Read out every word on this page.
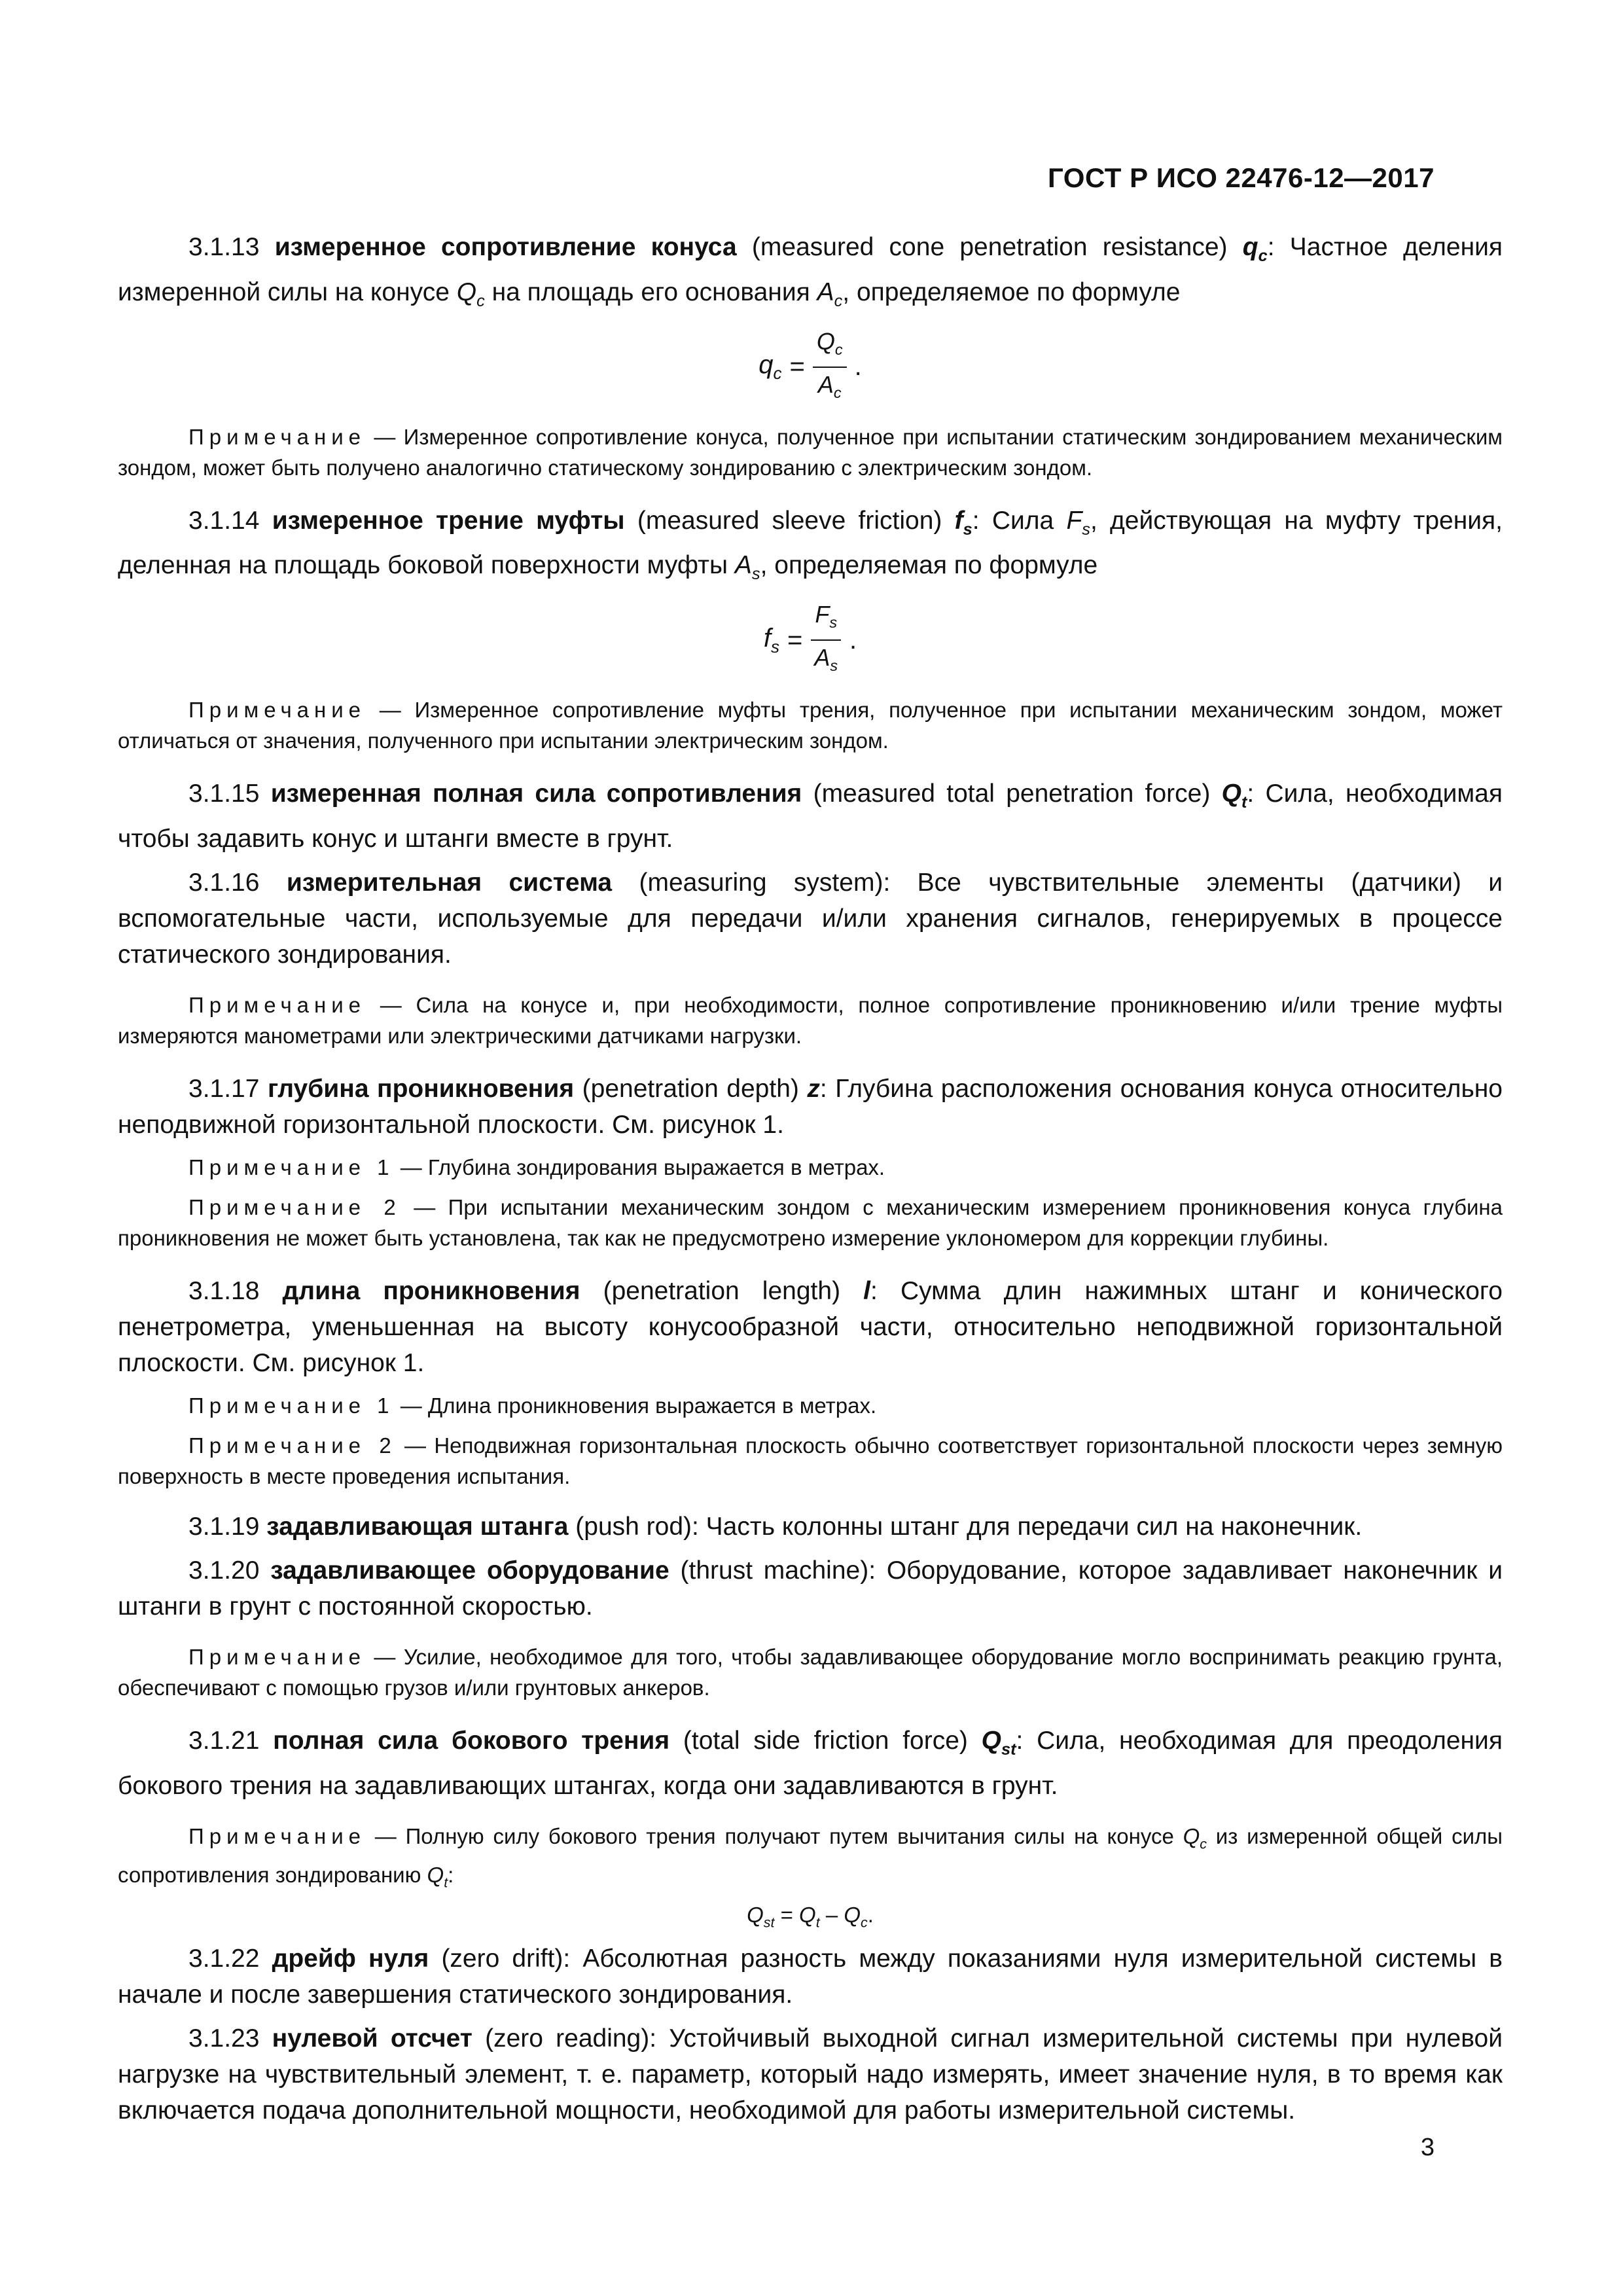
ГОСТ Р ИСО 22476-12—2017

3.1.13 измеренное сопротивление конуса (measured cone penetration resistance) $q_c$: Частное деления измеренной силы на конусе $Q_c$ на площадь его основания $A_c$, определяемое по формуле

$q_c = \frac{Q_c}{A_c}$ .

Примечание — Измеренное сопротивление конуса, полученное при испытании статическим зондированием механическим зондом, может быть получено аналогично статическому зондированию с электрическим зондом.

3.1.14 измеренное трение муфты (measured sleeve friction) $f_s$: Сила $F_s$, действующая на муфту трения, деленная на площадь боковой поверхности муфты $A_s$, определяемая по формуле

$f_s = \frac{F_s}{A_s}$ .

Примечание — Измеренное сопротивление муфты трения, полученное при испытании механическим зондом, может отличаться от значения, полученного при испытании электрическим зондом.

3.1.15 измеренная полная сила сопротивления (measured total penetration force) $Q_t$: Сила, необходимая чтобы задавить конус и штанги вместе в грунт.

3.1.16 измерительная система (measuring system): Все чувствительные элементы (датчики) и вспомогательные части, используемые для передачи и/или хранения сигналов, генерируемых в процессе статического зондирования.

Примечание — Сила на конусе и, при необходимости, полное сопротивление проникновению и/или трение муфты измеряются манометрами или электрическими датчиками нагрузки.

3.1.17 глубина проникновения (penetration depth) z: Глубина расположения основания конуса относительно неподвижной горизонтальной плоскости. См. рисунок 1.

Примечание 1 — Глубина зондирования выражается в метрах.

Примечание 2 — При испытании механическим зондом с механическим измерением проникновения конуса глубина проникновения не может быть установлена, так как не предусмотрено измерение уклономером для коррекции глубины.

3.1.18 длина проникновения (penetration length) l: Сумма длин нажимных штанг и конического пенетрометра, уменьшенная на высоту конусообразной части, относительно неподвижной горизонтальной плоскости. См. рисунок 1.

Примечание 1 — Длина проникновения выражается в метрах.

Примечание 2 — Неподвижная горизонтальная плоскость обычно соответствует горизонтальной плоскости через земную поверхность в месте проведения испытания.

3.1.19 задавливающая штанга (push rod): Часть колонны штанг для передачи сил на наконечник.

3.1.20 задавливающее оборудование (thrust machine): Оборудование, которое задавливает наконечник и штанги в грунт с постоянной скоростью.

Примечание — Усилие, необходимое для того, чтобы задавливающее оборудование могло воспринимать реакцию грунта, обеспечивают с помощью грузов и/или грунтовых анкеров.

3.1.21 полная сила бокового трения (total side friction force) $Q_{st}$: Сила, необходимая для преодоления бокового трения на задавливающих штангах, когда они задавливаются в грунт.

Примечание — Полную силу бокового трения получают путем вычитания силы на конусе $Q_c$ из измеренной общей силы сопротивления зондированию $Q_t$:

$Q_{st} = Q_t - Q_c$.

3.1.22 дрейф нуля (zero drift): Абсолютная разность между показаниями нуля измерительной системы в начале и после завершения статического зондирования.

3.1.23 нулевой отсчет (zero reading): Устойчивый выходной сигнал измерительной системы при нулевой нагрузке на чувствительный элемент, т. е. параметр, который надо измерять, имеет значение нуля, в то время как включается подача дополнительной мощности, необходимой для работы измерительной системы.

3
